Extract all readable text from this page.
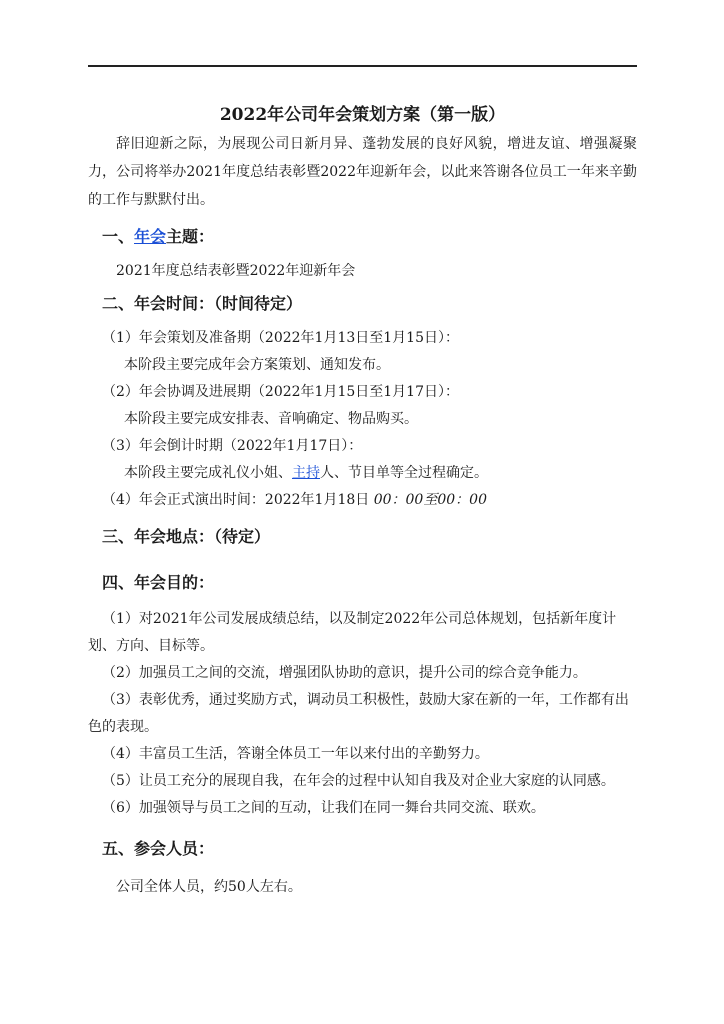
2022年公司年会策划方案（第一版）

辞旧迎新之际，为展现公司日新月异、蓬勃发展的良好风貌，增进友谊、增强凝聚力，公司将举办2021年度总结表彰暨2022年迎新年会，以此来答谢各位员工一年来辛勤的工作与默默付出。

一、年会主题：

2021年度总结表彰暨2022年迎新年会

二、年会时间：（时间待定）

（1）年会策划及准备期（2022年1月13日至1月15日）：

本阶段主要完成年会方案策划、通知发布。

（2）年会协调及进展期（2022年1月15日至1月17日）：

本阶段主要完成安排表、音响确定、物品购买。

（3）年会倒计时期（2022年1月17日）：

本阶段主要完成礼仪小姐、主持人、节目单等全过程确定。

（4）年会正式演出时间：2022年1月18日 00：00至00：00

三、年会地点：（待定）
四、年会目的：

（1）对2021年公司发展成绩总结，以及制定2022年公司总体规划，包括新年度计划、方向、目标等。

（2）加强员工之间的交流，增强团队协助的意识，提升公司的综合竞争能力。

（3）表彰优秀，通过奖励方式，调动员工积极性，鼓励大家在新的一年，工作都有出色的表现。

（4）丰富员工生活，答谢全体员工一年以来付出的辛勤努力。

（5）让员工充分的展现自我，在年会的过程中认知自我及对企业大家庭的认同感。

（6）加强领导与员工之间的互动，让我们在同一舞台共同交流、联欢。

五、参会人员：

公司全体人员，约50人左右。
